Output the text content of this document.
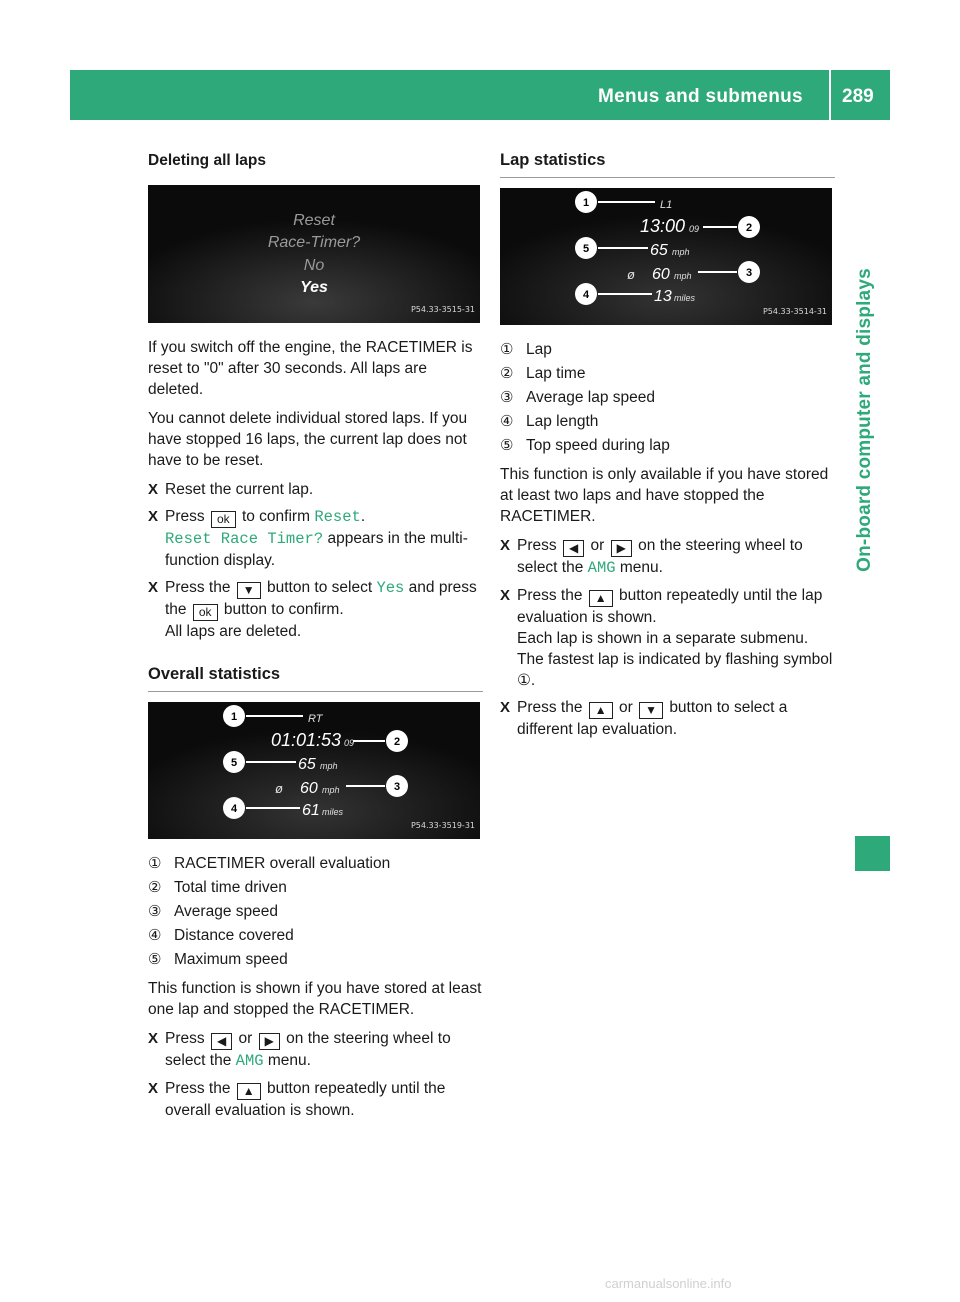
Menus and submenus 289
On-board computer and displays
Deleting all laps
Reset
Race-Timer?
No
Yes
P54.33-3515-31

If you switch off the engine, the RACETIMER is reset to "0" after 30 seconds. All laps are deleted.

You cannot delete individual stored laps. If you have stopped 16 laps, the current lap does not have to be reset.

X Reset the current lap.
X Press ok to confirm Reset.
Reset Race Timer? appears in the multi-function display.
X Press the ▼ button to select Yes and press the ok button to confirm.
All laps are deleted.
Overall statistics
RT
01:01:53 09
65 mph
ø 60 mph
61 miles
1
2
5
3
4
P54.33-3519-31
① RACETIMER overall evaluation
② Total time driven
③ Average speed
④ Distance covered
⑤ Maximum speed

This function is shown if you have stored at least one lap and stopped the RACETIMER.

X Press ◀ or ▶ on the steering wheel to select the AMG menu.
X Press the ▲ button repeatedly until the overall evaluation is shown.
Lap statistics
L1
13:00 09
65 mph
ø 60 mph
13 miles
1
2
5
3
4
P54.33-3514-31
① Lap
② Lap time
③ Average lap speed
④ Lap length
⑤ Top speed during lap

This function is only available if you have stored at least two laps and have stopped the RACETIMER.

X Press ◀ or ▶ on the steering wheel to select the AMG menu.
X Press the ▲ button repeatedly until the lap evaluation is shown.
Each lap is shown in a separate submenu.
The fastest lap is indicated by flashing symbol ①.
X Press the ▲ or ▼ button to select a different lap evaluation.
carmanualsonline.info
